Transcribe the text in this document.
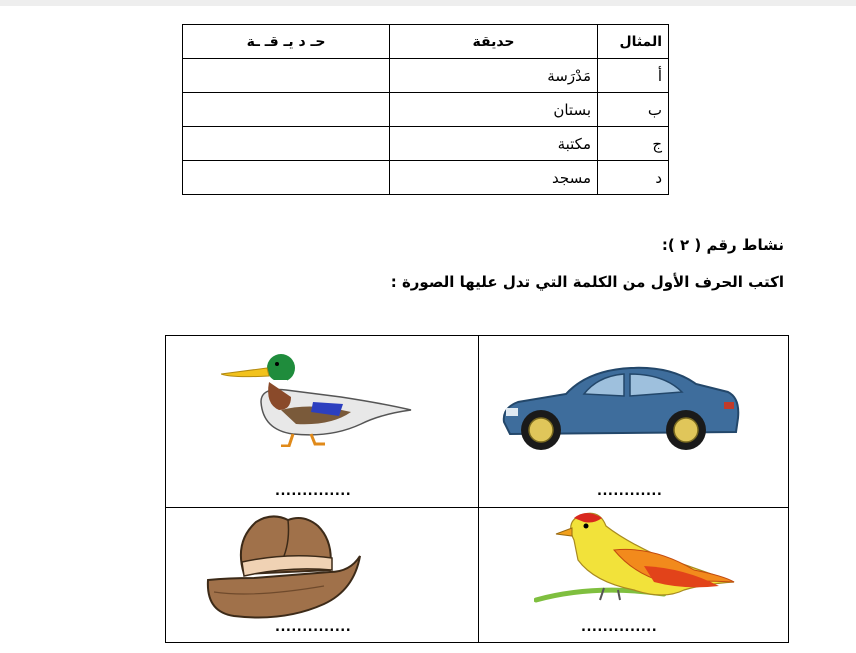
المثال	حديقة	حـ د يـ قـ ـة
أ	مَدْرَسة	
ب	بستان	
ج	مكتبة	
د	مسجد	
نشاط رقم ( ٢ ):
اكتب الحرف الأول من الكلمة التي تدل عليها الصورة :
............
..............
..............
..............
